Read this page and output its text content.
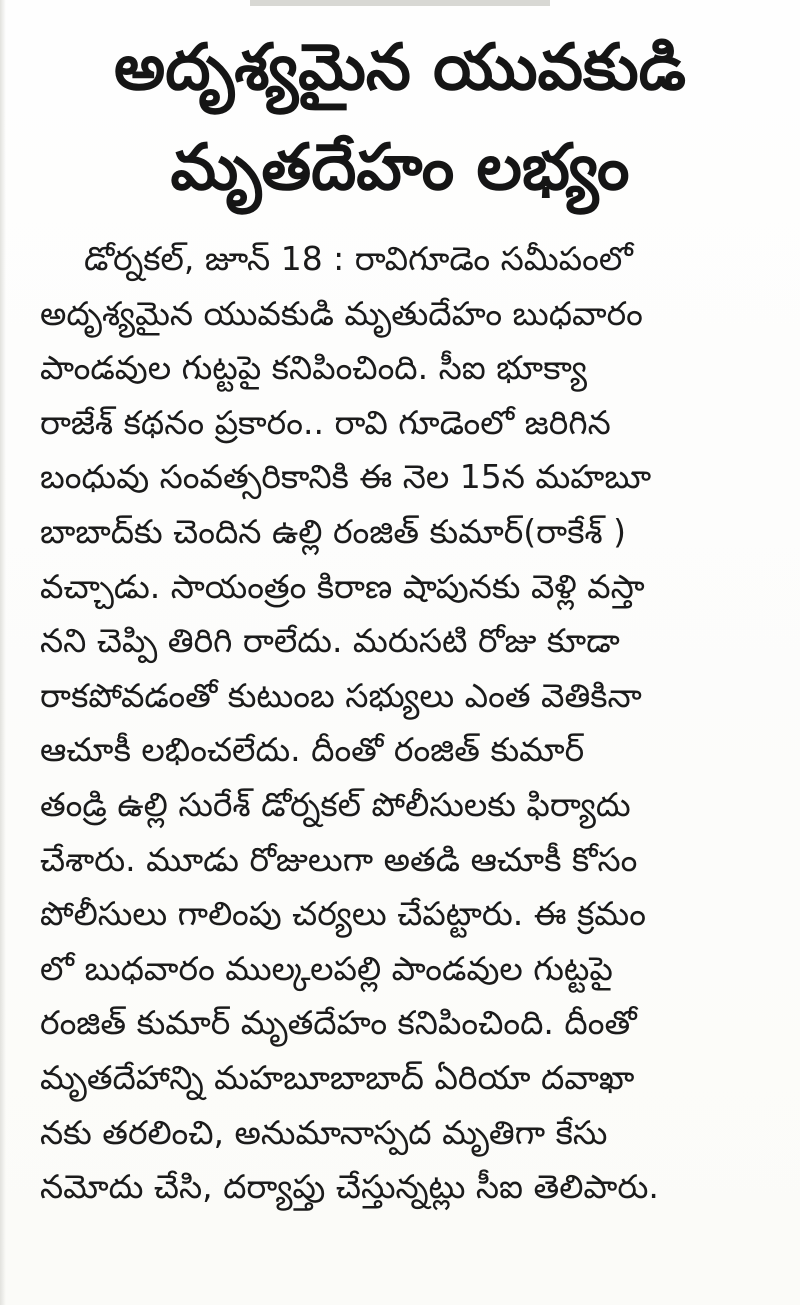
అదృశ్యమైన యువకుడి
మృతదేహం లభ్యం
డోర్నకల్, జూన్ 18 : రావిగూడెం సమీపంలో
అదృశ్యమైన యువకుడి మృతుదేహం బుధవారం
పాండవుల గుట్టపై కనిపించింది. సీఐ భూక్యా
రాజేశ్ కథనం ప్రకారం.. రావి గూడెంలో జరిగిన
బంధువు సంవత్సరికానికి ఈ నెల 15న మహబూ
బాబాద్‌కు చెందిన ఉల్లి రంజిత్ కుమార్(రాకేశ్ )
వచ్చాడు. సాయంత్రం కిరాణ షాపునకు వెళ్లి వస్తా
నని చెప్పి తిరిగి రాలేదు. మరుసటి రోజు కూడా
రాకపోవడంతో కుటుంబ సభ్యులు ఎంత వెతికినా
ఆచూకీ లభించలేదు. దీంతో రంజిత్ కుమార్
తండ్రి ఉల్లి సురేశ్ డోర్నకల్ పోలీసులకు ఫిర్యాదు
చేశారు. మూడు రోజులుగా అతడి ఆచూకీ కోసం
పోలీసులు గాలింపు చర్యలు చేపట్టారు. ఈ క్రమం
లో బుధవారం ముల్కలపల్లి పాండవుల గుట్టపై
రంజిత్ కుమార్ మృతదేహం కనిపించింది. దీంతో
మృతదేహాన్ని మహబూబాబాద్ ఏరియా దవాఖా
నకు తరలించి, అనుమానాస్పద మృతిగా కేసు
నమోదు చేసి, దర్యాప్తు చేస్తున్నట్లు సీఐ తెలిపారు.
